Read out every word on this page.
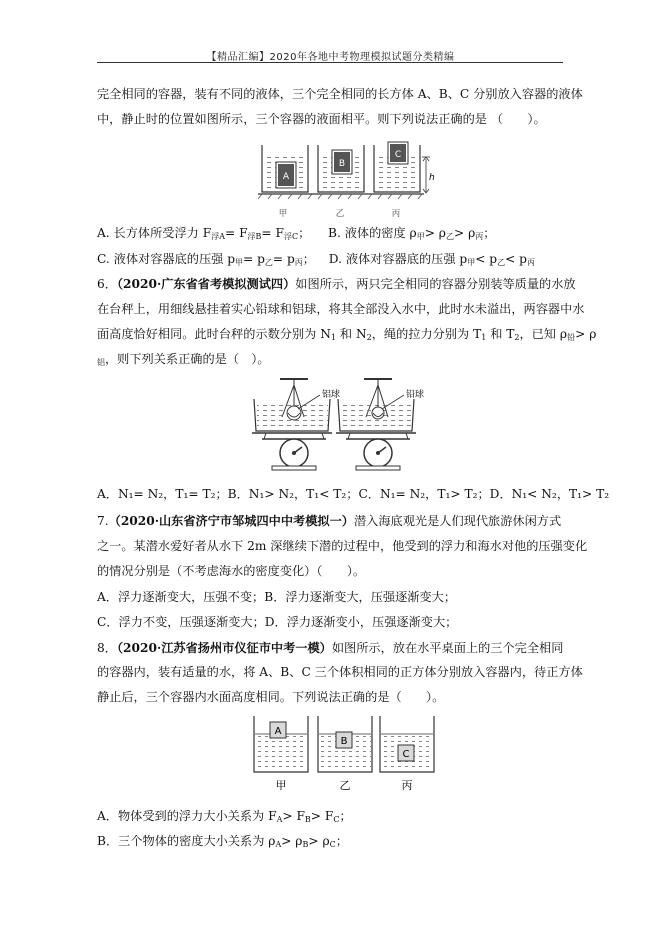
【精品汇编】2020年各地中考物理模拟试题分类精编
完全相同的容器，装有不同的液体，三个完全相同的长方体 A、B、C 分别放入容器的液体
中，静止时的位置如图所示，三个容器的液面相平。则下列说法正确的是 （　　）。
A
B
C
h
甲	乙	丙
A. 长方体所受浮力 $F_{浮A}= F_{浮B}= F_{浮C}$； B. 液体的密度 $\rho_甲> \rho_乙> \rho_丙$；
C. 液体对容器底的压强 $p_甲= p_乙= p_丙$； D. 液体对容器底的压强 $p_甲< p_乙< p_丙$
6．（2020·广东省省考模拟测试四）如图所示，两只完全相同的容器分别装等质量的水放
在台秤上，用细线悬挂着实心铅球和铝球，将其全部没入水中，此时水未溢出，两容器中水
面高度恰好相同。此时台秤的示数分别为 $N_1$ 和 $N_2$，绳的拉力分别为 $T_1$ 和 $T_2$，已知 $\rho_铅> \rho$
$_铝$，则下列关系正确的是（　）。
铝球	铅球
A．N₁= N₂，T₁= T₂；B．N₁> N₂，T₁< T₂；C．N₁= N₂，T₁> T₂；D．N₁< N₂，T₁> T₂
7.（2020·山东省济宁市邹城四中中考模拟一）潜入海底观光是人们现代旅游休闲方式
之一。某潜水爱好者从水下 2m 深继续下潜的过程中，他受到的浮力和海水对他的压强变化
的情况分别是（不考虑海水的密度变化）（　　）。
A．浮力逐渐变大，压强不变；B．浮力逐渐变大，压强逐渐变大；
C．浮力不变，压强逐渐变大；D．浮力逐渐变小，压强逐渐变大；
8．（2020·江苏省扬州市仪征市中考一模）如图所示，放在水平桌面上的三个完全相同
的容器内，装有适量的水，将 A、B、C 三个体积相同的正方体分别放入容器内，待正方体
静止后，三个容器内水面高度相同。下列说法正确的是（　　）。
A
B
C
甲	乙	丙
A．物体受到的浮力大小关系为 $F_A> F_B> F_C$；
B．三个物体的密度大小关系为 $\rho_A> \rho_B> \rho_C$；
